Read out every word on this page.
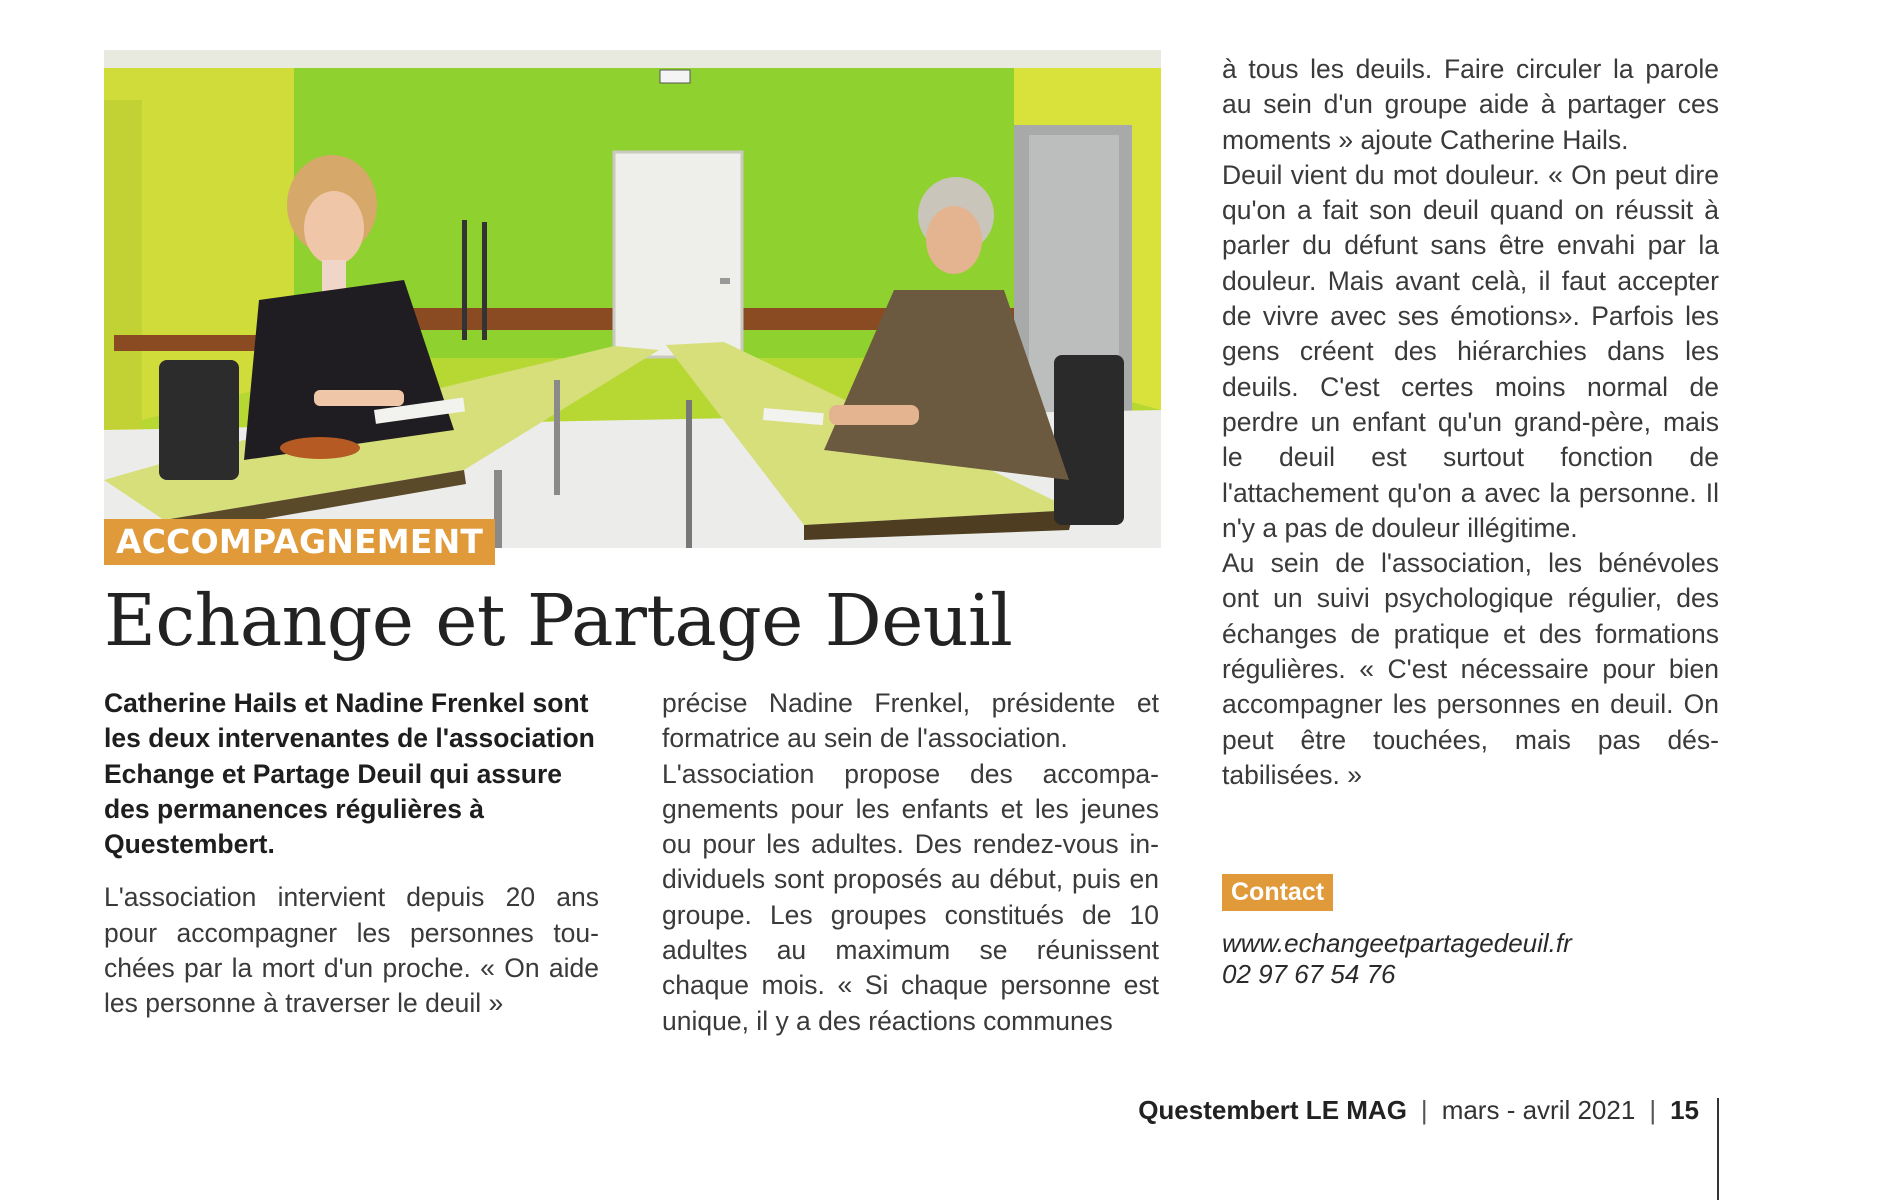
ACCOMPAGNEMENT
Echange et Partage Deuil

Catherine Hails et Nadine Frenkel sont les deux intervenantes de l'association Echange et Partage Deuil qui assure des permanences régulières à Questembert.

L'association intervient depuis 20 ans pour accompagner les personnes touchées par la mort d'un proche. « On aide les personne à traverser le deuil »

précise Nadine Frenkel, présidente et formatrice au sein de l'association.

L'association propose des accompagnements pour les enfants et les jeunes ou pour les adultes. Des rendez-vous individuels sont proposés au début, puis en groupe. Les groupes constitués de 10 adultes au maximum se réunissent chaque mois. « Si chaque personne est unique, il y a des réactions communes

à tous les deuils. Faire circuler la parole au sein d'un groupe aide à partager ces moments » ajoute Catherine Hails.

Deuil vient du mot douleur. « On peut dire qu'on a fait son deuil quand on réussit à parler du défunt sans être envahi par la douleur. Mais avant celà, il faut accepter de vivre avec ses émotions». Parfois les gens créent des hiérarchies dans les deuils. C'est certes moins normal de perdre un enfant qu'un grand-père, mais le deuil est surtout fonction de l'attachement qu'on a avec la personne. Il n'y a pas de douleur illégitime.

Au sein de l'association, les bénévoles ont un suivi psychologique régulier, des échanges de pratique et des formations régulières. « C'est nécessaire pour bien accompagner les personnes en deuil. On peut être touchées, mais pas déstabilisées. »

Contact
www.echangeetpartagedeuil.fr
02 97 67 54 76
Questembert LE MAG | mars - avril 2021 | 15
